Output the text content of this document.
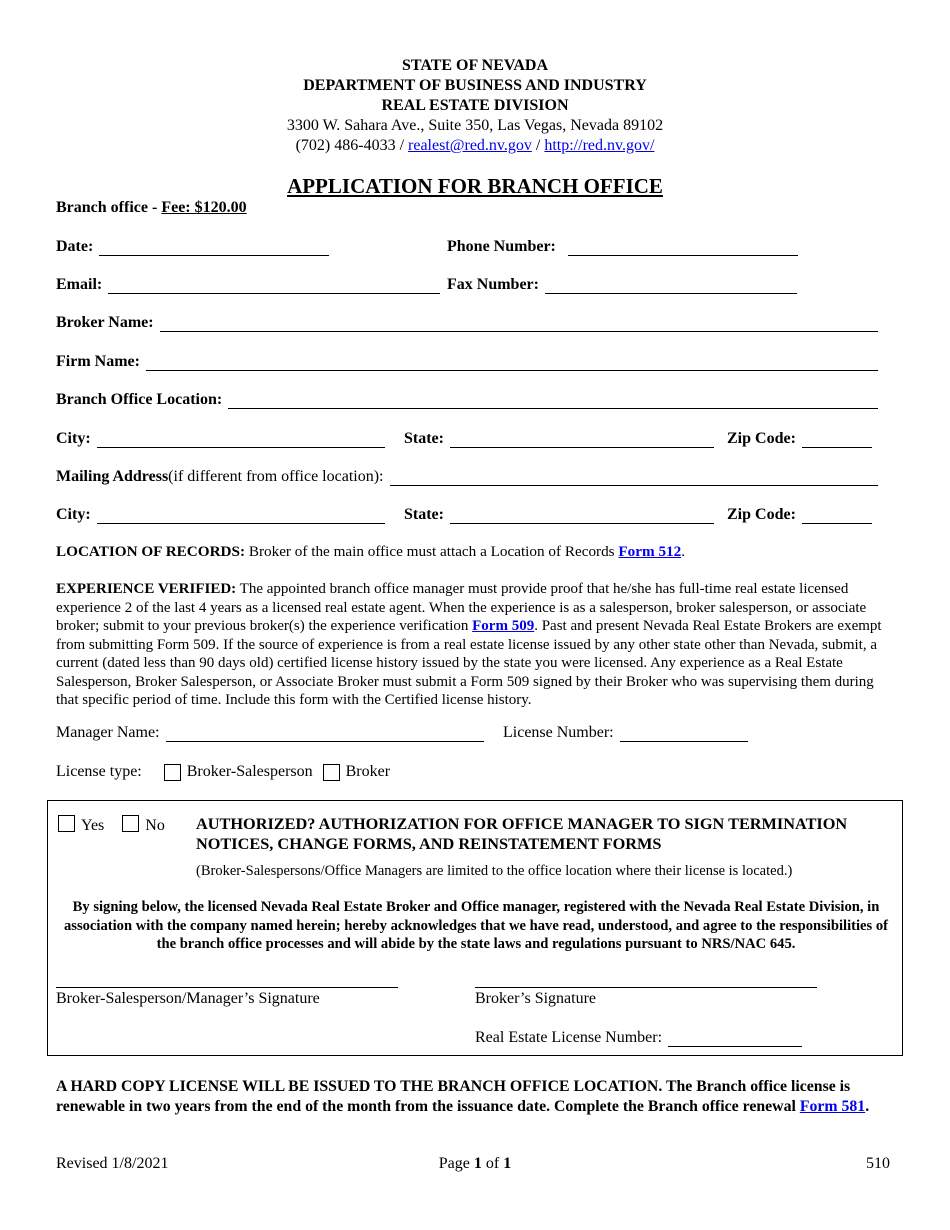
STATE OF NEVADA
DEPARTMENT OF BUSINESS AND INDUSTRY
REAL ESTATE DIVISION
3300 W. Sahara Ave., Suite 350, Las Vegas, Nevada 89102
(702) 486-4033 / realest@red.nv.gov / http://red.nv.gov/
APPLICATION FOR BRANCH OFFICE
Branch office - Fee: $120.00
Date:	Phone Number:
Email:	Fax Number:
Broker Name:
Firm Name:
Branch Office Location:
City:	State:	Zip Code:
Mailing Address (if different from office location):
City:	State:	Zip Code:
LOCATION OF RECORDS: Broker of the main office must attach a Location of Records Form 512.
EXPERIENCE VERIFIED: The appointed branch office manager must provide proof that he/she has full-time real estate licensed experience 2 of the last 4 years as a licensed real estate agent. When the experience is as a salesperson, broker salesperson, or associate broker; submit to your previous broker(s) the experience verification Form 509. Past and present Nevada Real Estate Brokers are exempt from submitting Form 509. If the source of experience is from a real estate license issued by any other state other than Nevada, submit, a current (dated less than 90 days old) certified license history issued by the state you were licensed. Any experience as a Real Estate Salesperson, Broker Salesperson, or Associate Broker must submit a Form 509 signed by their Broker who was supervising them during that specific period of time. Include this form with the Certified license history.
Manager Name:	License Number:
License type:	Broker-Salesperson Broker
Yes	No AUTHORIZED? AUTHORIZATION FOR OFFICE MANAGER TO SIGN TERMINATION
NOTICES, CHANGE FORMS, AND REINSTATEMENT FORMS
(Broker-Salespersons/Office Managers are limited to the office location where their license is located.)
By signing below, the licensed Nevada Real Estate Broker and Office manager, registered with the Nevada Real Estate Division, in association with the company named herein; hereby acknowledges that we have read, understood, and agree to the responsibilities of the branch office processes and will abide by the state laws and regulations pursuant to NRS/NAC 645.
Broker-Salesperson/Manager’s Signature	Broker’s Signature
Real Estate License Number:
A HARD COPY LICENSE WILL BE ISSUED TO THE BRANCH OFFICE LOCATION. The Branch office license is renewable in two years from the end of the month from the issuance date. Complete the Branch office renewal Form 581.
Revised 1/8/2021	Page 1 of 1	510
